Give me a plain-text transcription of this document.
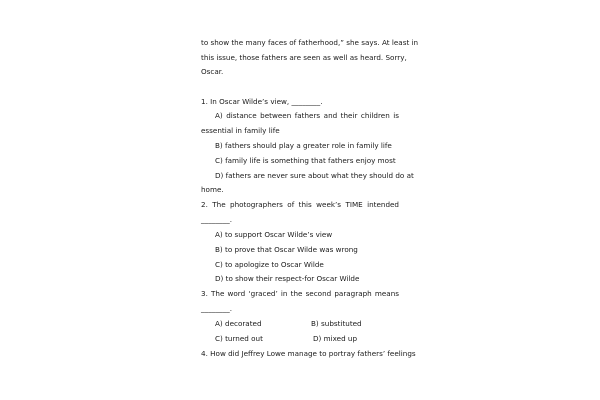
to show the many faces of fatherhood,” she says. At least in
this issue, those fathers are seen as well as heard. Sorry,
Oscar.
1. In Oscar Wilde’s view, ________.
A) distance between fathers and their children is
essential in family life
B) fathers should play a greater role in family life
C) family life is something that fathers enjoy most
D) fathers are never sure about what they should do at
home.
2. The photographers of this week’s TIME intended
________.
A) to support Oscar Wilde’s view
B) to prove that Oscar Wilde was wrong
C) to apologize to Oscar Wilde
D) to show their respect-for Oscar Wilde
3. The word ‘graced’ in the second paragraph means
________.
A) decorated	B) substituted
C) turned out	D) mixed up
4. How did Jeffrey Lowe manage to portray fathers’ feelings
